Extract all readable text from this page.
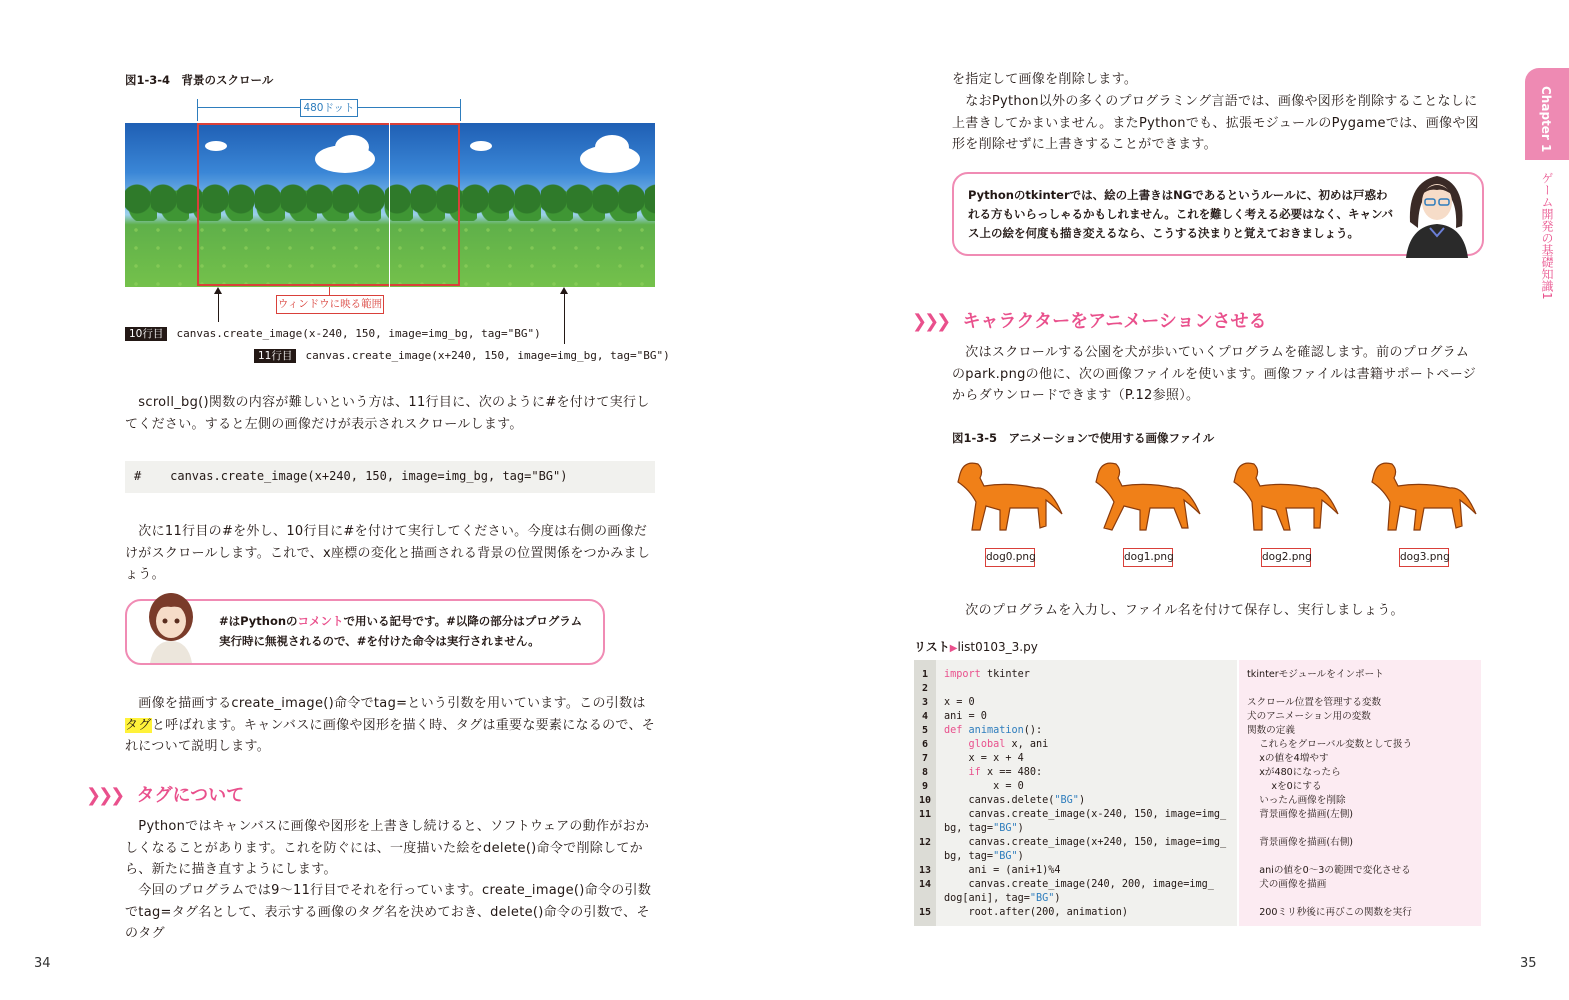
図1-3-4　背景のスクロール
480ドット
ウィンドウに映る範囲
10行目 canvas.create_image(x-240, 150, image=img_bg, tag="BG")
11行目 canvas.create_image(x+240, 150, image=img_bg, tag="BG")
　scroll_bg()関数の内容が難しいという方は、11行目に、次のように#を付けて実行してください。すると左側の画像だけが表示されスクロールします。
#    canvas.create_image(x+240, 150, image=img_bg, tag="BG")
　次に11行目の#を外し、10行目に#を付けて実行してください。今度は右側の画像だけがスクロールします。これで、x座標の変化と描画される背景の位置関係をつかみましょう。
#はPythonのコメントで用いる記号です。#以降の部分はプログラム
実行時に無視されるので、#を付けた命令は実行されません。
　画像を描画するcreate_image()命令でtag=という引数を用いています。この引数はタグと呼ばれます。キャンバスに画像や図形を描く時、タグは重要な要素になるので、それについて説明します。
❯❯❯ タグについて
　Pythonではキャンバスに画像や図形を上書きし続けると、ソフトウェアの動作がおかしくなることがあります。これを防ぐには、一度描いた絵をdelete()命令で削除してから、新たに描き直すようにします。
　今回のプログラムでは9～11行目でそれを行っています。create_image()命令の引数でtag=タグ名として、表示する画像のタグ名を決めておき、delete()命令の引数で、そのタグ
34
を指定して画像を削除します。
　なおPython以外の多くのプログラミング言語では、画像や図形を削除することなしに上書きしてかまいません。またPythonでも、拡張モジュールのPygameでは、画像や図形を削除せずに上書きすることができます。
Pythonのtkinterでは、絵の上書きはNGであるというルールに、初めは戸惑われる方もいらっしゃるかもしれません。これを難しく考える必要はなく、キャンバス上の絵を何度も描き変えるなら、こうする決まりと覚えておきましょう。
❯❯❯ キャラクターをアニメーションさせる
　次はスクロールする公園を犬が歩いていくプログラムを確認します。前のプログラムのpark.pngの他に、次の画像ファイルを使います。画像ファイルは書籍サポートページからダウンロードできます（P.12参照）。
図1-3-5　アニメーションで使用する画像ファイル
dog0.png	dog1.png	dog2.png	dog3.png
　次のプログラムを入力し、ファイル名を付けて保存し、実行しましょう。
リスト▶list0103_3.py
1	import tkinter	tkinterモジュールをインポート
2
3	x = 0	スクロール位置を管理する変数
4	ani = 0	犬のアニメーション用の変数
5	def animation():	関数の定義
6	global x, ani	これらをグローバル変数として扱う
7	x = x + 4	xの値を4増やす
8	if x == 480:	xが480になったら
9	x = 0	xを0にする
10	canvas.delete("BG")	いったん画像を削除
11	canvas.create_image(x-240, 150, image=img_ 背景画像を描画(左側)
bg, tag="BG")
12	canvas.create_image(x+240, 150, image=img_ 背景画像を描画(右側)
bg, tag="BG")
13	ani = (ani+1)%4	aniの値を0～3の範囲で変化させる
14	canvas.create_image(240, 200, image=img_	犬の画像を描画
dog[ani], tag="BG")
15	root.after(200, animation)	200ミリ秒後に再びこの関数を実行
Chapter 1
ゲーム開発の基礎知識1
35
